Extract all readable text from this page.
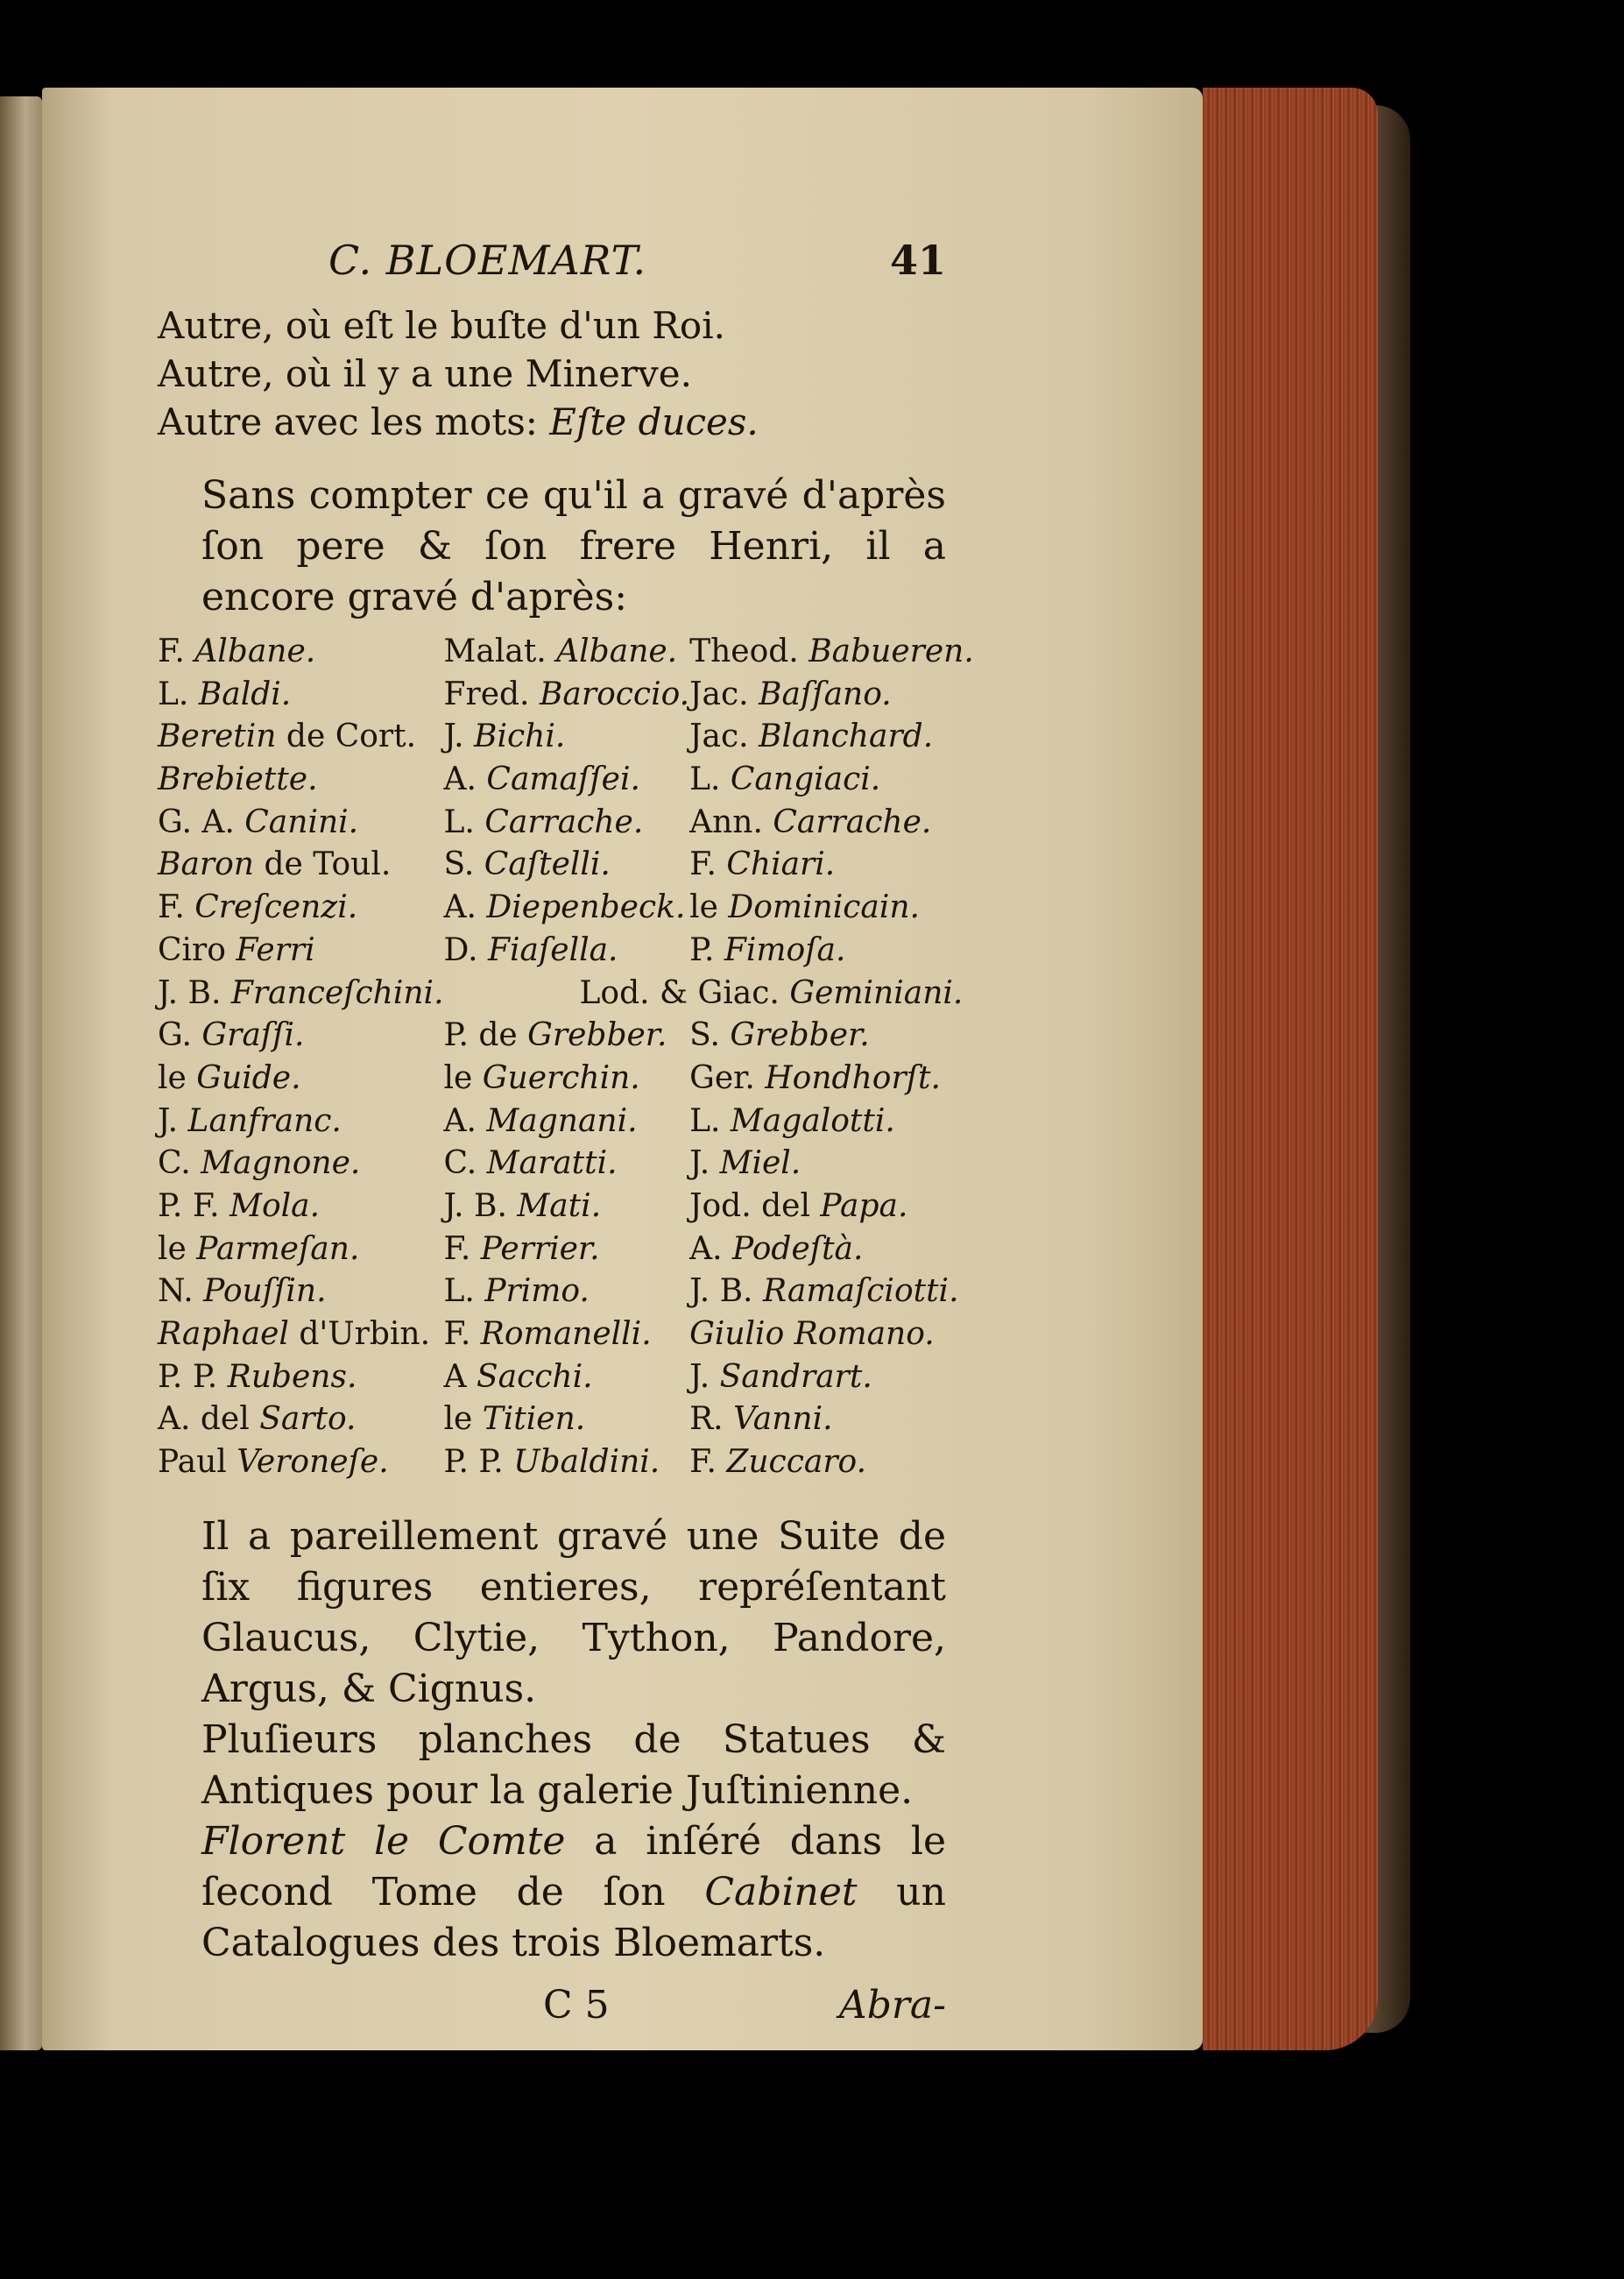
C. BLOEMART.	41
Autre, où eſt le buſte d'un Roi.
Autre, où il y a une Minerve.
Autre avec les mots: Eſte duces.

Sans compter ce qu'il a gravé d'après ſon pere & ſon frere Henri, il a encore gravé d'après:

F. Albane.	Malat. Albane.	Theod. Babueren.
L. Baldi.	Fred. Baroccio.	Jac. Baſſano.
Beretin de Cort.	J. Bichi.	Jac. Blanchard.
Brebiette.	A. Camaſſei.	L. Cangiaci.
G. A. Canini.	L. Carrache.	Ann. Carrache.
Baron de Toul.	S. Caſtelli.	F. Chiari.
F. Creſcenzi.	A. Diepenbeck.	le Dominicain.
Ciro Ferri	D. Fiaſella.	P. Fimoſa.
J. B. Franceſchini.	Lod. & Giac. Geminiani.	
G. Graſſi.	P. de Grebber.	S. Grebber.
le Guide.	le Guerchin.	Ger. Hondhorſt.
J. Lanfranc.	A. Magnani.	L. Magalotti.
C. Magnone.	C. Maratti.	J. Miel.
P. F. Mola.	J. B. Mati.	Jod. del Papa.
le Parmeſan.	F. Perrier.	A. Podeſtà.
N. Pouſſin.	L. Primo.	J. B. Ramaſciotti.
Raphael d'Urbin.	F. Romanelli.	Giulio Romano.
P. P. Rubens.	A Sacchi.	J. Sandrart.
A. del Sarto.	le Titien.	R. Vanni.
Paul Veroneſe.	P. P. Ubaldini.	F. Zuccaro.

Il a pareillement gravé une Suite de ſix figures entieres, repréſentant Glaucus, Clytie, Tython, Pandore, Argus, & Cignus.

Pluſieurs planches de Statues & Antiques pour la galerie Juſtinienne.

Florent le Comte a inſéré dans le ſecond Tome de ſon Cabinet un Catalogues des trois Bloemarts.

C 5	Abra-
